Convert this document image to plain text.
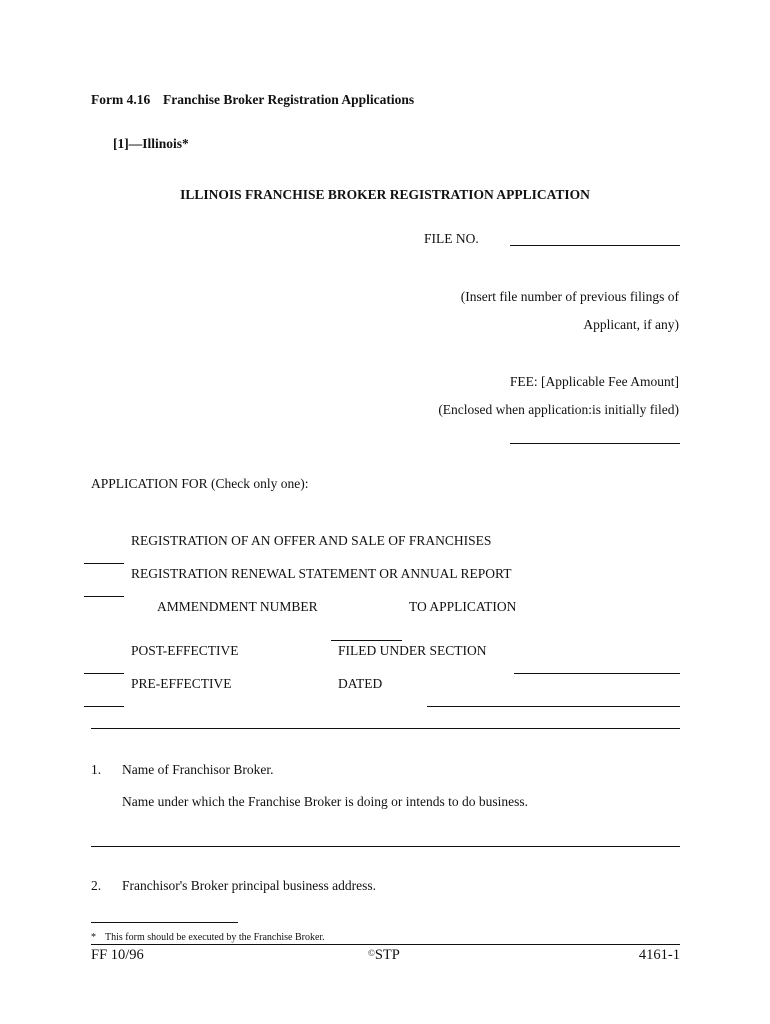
Form 4.16 Franchise Broker Registration Applications
[1]—Illinois*
ILLINOIS FRANCHISE BROKER REGISTRATION APPLICATION
FILE NO.
(Insert file number of previous filings of
Applicant, if any)
FEE: [Applicable Fee Amount]
(Enclosed when application:is initially filed)
APPLICATION FOR (Check only one):
REGISTRATION OF AN OFFER AND SALE OF FRANCHISES
REGISTRATION RENEWAL STATEMENT OR ANNUAL REPORT
AMMENDMENT NUMBER	TO APPLICATION
POST-EFFECTIVE	FILED UNDER SECTION
PRE-EFFECTIVE	DATED
1. Name of Franchisor Broker.
Name under which the Franchise Broker is doing or intends to do business.
2. Franchisor's Broker principal business address.
* This form should be executed by the Franchise Broker.
FF 10/96	©STP	4161-1
